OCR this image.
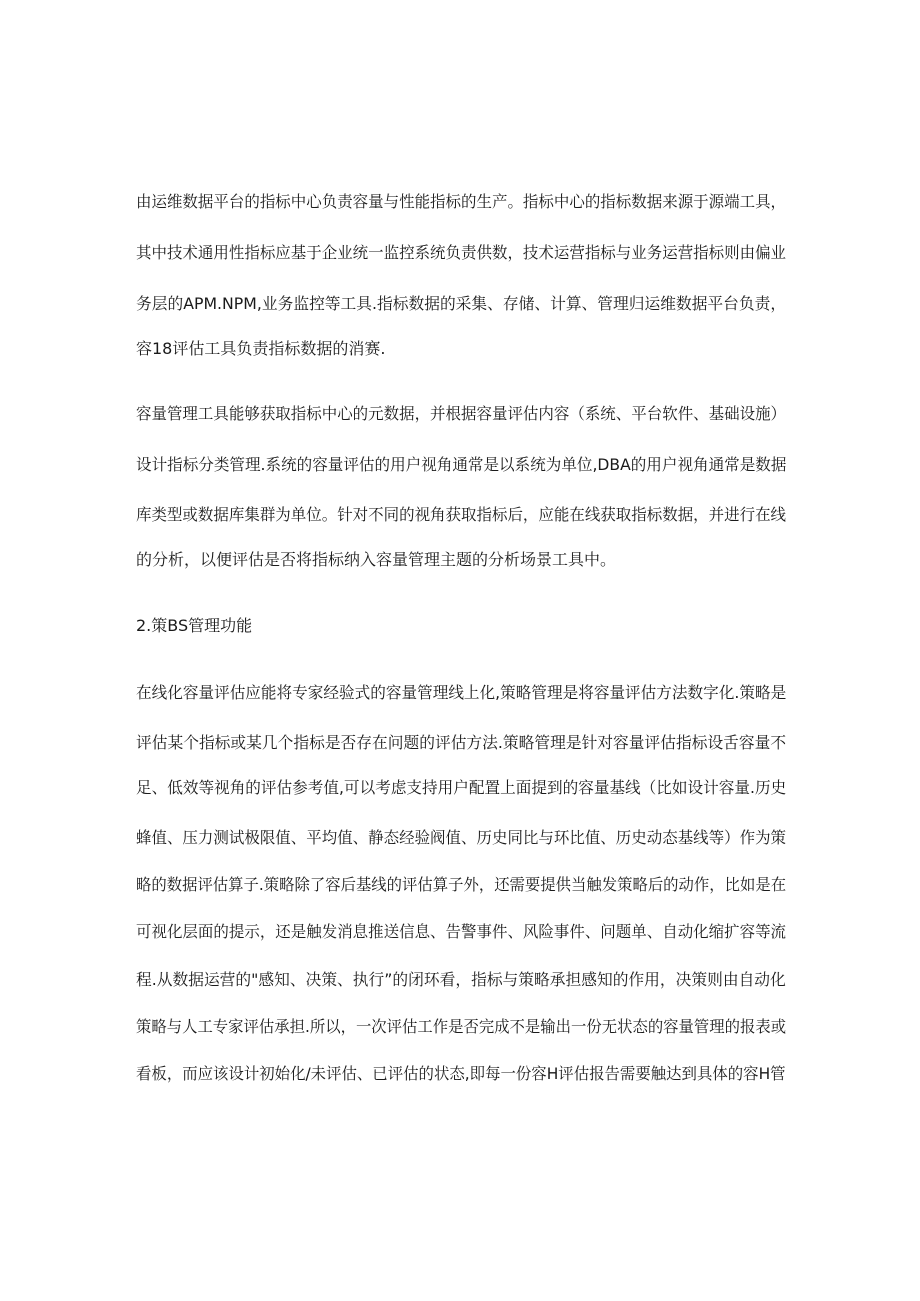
由运维数据平台的指标中心负责容量与性能指标的生产。指标中心的指标数据来源于源端工具，
其中技术通用性指标应基于企业统一监控系统负责供数，技术运营指标与业务运营指标则由偏业
务层的APM.NPM,业务监控等工具.指标数据的采集、存储、计算、管理归运维数据平台负责，
容18评估工具负责指标数据的消赛.
容量管理工具能够获取指标中心的元数据，并根据容量评估内容（系统、平台软件、基础设施）
设计指标分类管理.系统的容量评估的用户视角通常是以系统为单位,DBA的用户视角通常是数据
库类型或数据库集群为单位。针对不同的视角获取指标后，应能在线获取指标数据，并进行在线
的分析，以便评估是否将指标纳入容量管理主题的分析场景工具中。
2.策BS管理功能
在线化容量评估应能将专家经验式的容量管理线上化,策略管理是将容量评估方法数字化.策略是
评估某个指标或某几个指标是否存在问题的评估方法.策略管理是针对容量评估指标设舌容量不
足、低效等视角的评估参考值,可以考虑支持用户配置上面提到的容量基线（比如设计容量.历史
蜂值、压力测试极限值、平均值、静态经验阀值、历史同比与环比值、历史动态基线等）作为策
略的数据评估算子.策略除了容后基线的评估算子外，还需要提供当触发策略后的动作，比如是在
可视化层面的提示，还是触发消息推送信息、告警事件、风险事件、问题单、自动化缩扩容等流
程.从数据运营的"感知、决策、执行”的闭环看，指标与策略承担感知的作用，决策则由自动化
策略与人工专家评估承担.所以，一次评估工作是否完成不是输出一份无状态的容量管理的报表或
看板，而应该设计初始化/未评估、已评估的状态,即每一份容H评估报告需要触达到具体的容H管
